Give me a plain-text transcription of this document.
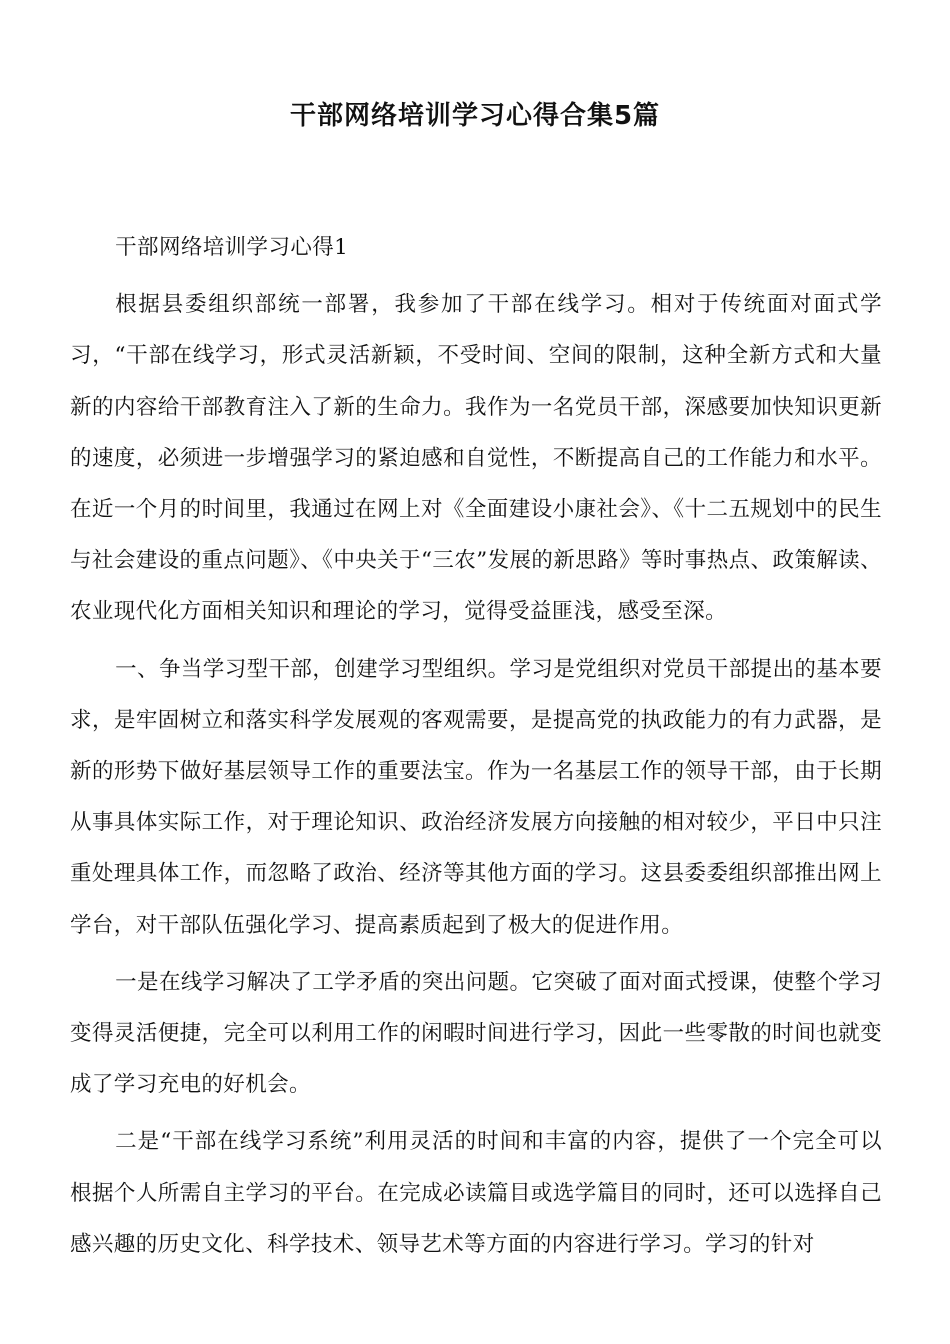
干部网络培训学习心得合集5篇

干部网络培训学习心得1

根据县委组织部统一部署，我参加了干部在线学习。相对于传统面对面式学习，“干部在线学习，形式灵活新颖，不受时间、空间的限制，这种全新方式和大量新的内容给干部教育注入了新的生命力。我作为一名党员干部，深感要加快知识更新的速度，必须进一步增强学习的紧迫感和自觉性，不断提高自己的工作能力和水平。在近一个月的时间里，我通过在网上对《全面建设小康社会》、《十二五规划中的民生与社会建设的重点问题》、《中央关于“三农”发展的新思路》等时事热点、政策解读、农业现代化方面相关知识和理论的学习，觉得受益匪浅，感受至深。

一、争当学习型干部，创建学习型组织。学习是党组织对党员干部提出的基本要求，是牢固树立和落实科学发展观的客观需要，是提高党的执政能力的有力武器，是新的形势下做好基层领导工作的重要法宝。作为一名基层工作的领导干部，由于长期从事具体实际工作，对于理论知识、政治经济发展方向接触的相对较少，平日中只注重处理具体工作，而忽略了政治、经济等其他方面的学习。这县委委组织部推出网上学台，对干部队伍强化学习、提高素质起到了极大的促进作用。

一是在线学习解决了工学矛盾的突出问题。它突破了面对面式授课，使整个学习变得灵活便捷，完全可以利用工作的闲暇时间进行学习，因此一些零散的时间也就变成了学习充电的好机会。

二是“干部在线学习系统”利用灵活的时间和丰富的内容，提供了一个完全可以根据个人所需自主学习的平台。在完成必读篇目或选学篇目的同时，还可以选择自己感兴趣的历史文化、科学技术、领导艺术等方面的内容进行学习。学习的针对
